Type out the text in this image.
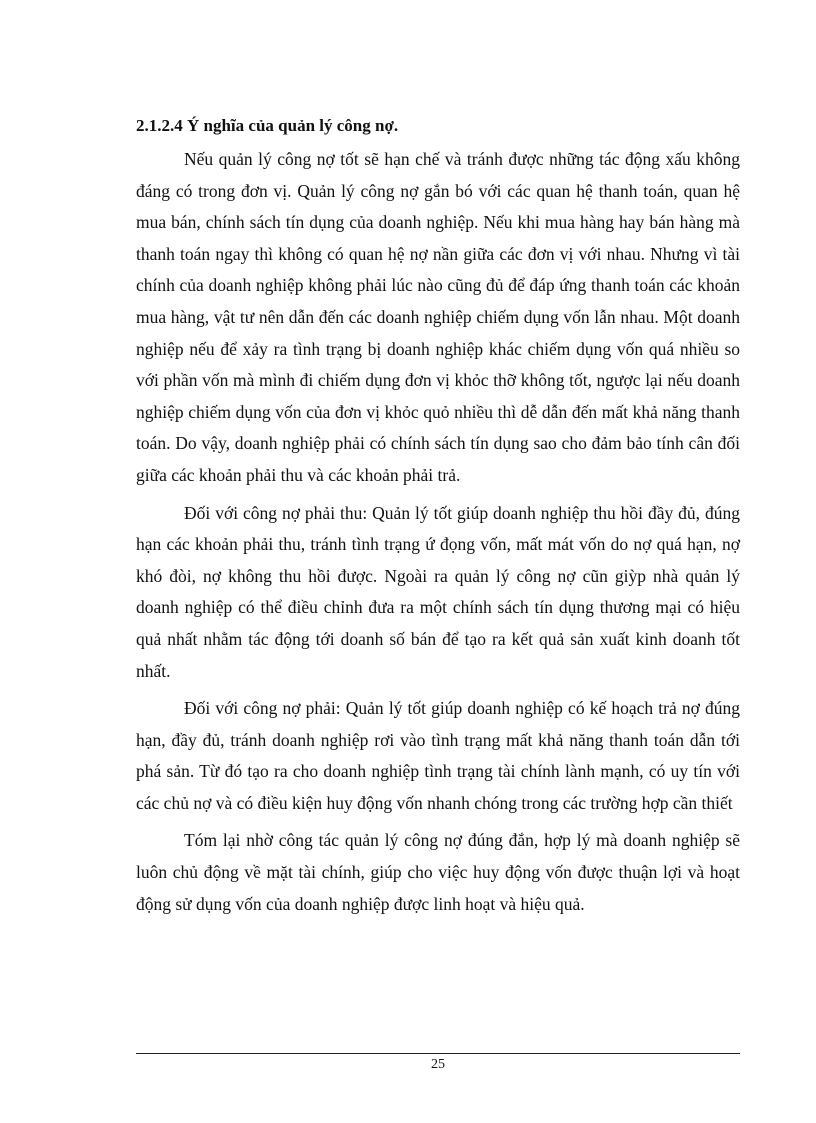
2.1.2.4 Ý nghĩa của quản lý công nợ.

Nếu quản lý công nợ tốt sẽ hạn chế và tránh được những tác động xấu không đáng có trong đơn vị. Quản lý công nợ gắn bó với các quan hệ thanh toán, quan hệ mua bán, chính sách tín dụng của doanh nghiệp. Nếu khi mua hàng hay bán hàng mà thanh toán ngay thì không có quan hệ nợ nần giữa các đơn vị với nhau. Nhưng vì tài chính của doanh nghiệp không phải lúc nào cũng đủ để đáp ứng thanh toán các khoản mua hàng, vật tư nên dẫn đến các doanh nghiệp chiếm dụng vốn lẫn nhau. Một doanh nghiệp nếu để xảy ra tình trạng bị doanh nghiệp khác chiếm dụng vốn quá nhiều so với phần vốn mà mình đi chiếm dụng đơn vị khỏc thỡ không tốt, ngược lại nếu doanh nghiệp chiếm dụng vốn của đơn vị khỏc quỏ nhiều thì dễ dẫn đến mất khả năng thanh toán. Do vậy, doanh nghiệp phải có chính sách tín dụng sao cho đảm bảo tính cân đối giữa các khoản phải thu và các khoản phải trả.

Đối với công nợ phải thu: Quản lý tốt giúp doanh nghiệp thu hồi đầy đủ, đúng hạn các khoản phải thu, tránh tình trạng ứ đọng vốn, mất mát vốn do nợ quá hạn, nợ khó đòi, nợ không thu hồi được. Ngoài ra quản lý công nợ cũn giỳp nhà quản lý doanh nghiệp có thể điều chỉnh đưa ra một chính sách tín dụng thương mại có hiệu quả nhất nhằm tác động tới doanh số bán để tạo ra kết quả sản xuất kinh doanh tốt nhất.

Đối với công nợ phải: Quản lý tốt giúp doanh nghiệp có kế hoạch trả nợ đúng hạn, đầy đủ, tránh doanh nghiệp rơi vào tình trạng mất khả năng thanh toán dẫn tới phá sản. Từ đó tạo ra cho doanh nghiệp tình trạng tài chính lành mạnh, có uy tín với các chủ nợ và có điều kiện huy động vốn nhanh chóng trong các trường hợp cần thiết

Tóm lại nhờ công tác quản lý công nợ đúng đắn, hợp lý mà doanh nghiệp sẽ luôn chủ động về mặt tài chính, giúp cho việc huy động vốn được thuận lợi và hoạt động sử dụng vốn của doanh nghiệp được linh hoạt và hiệu quả.

25
